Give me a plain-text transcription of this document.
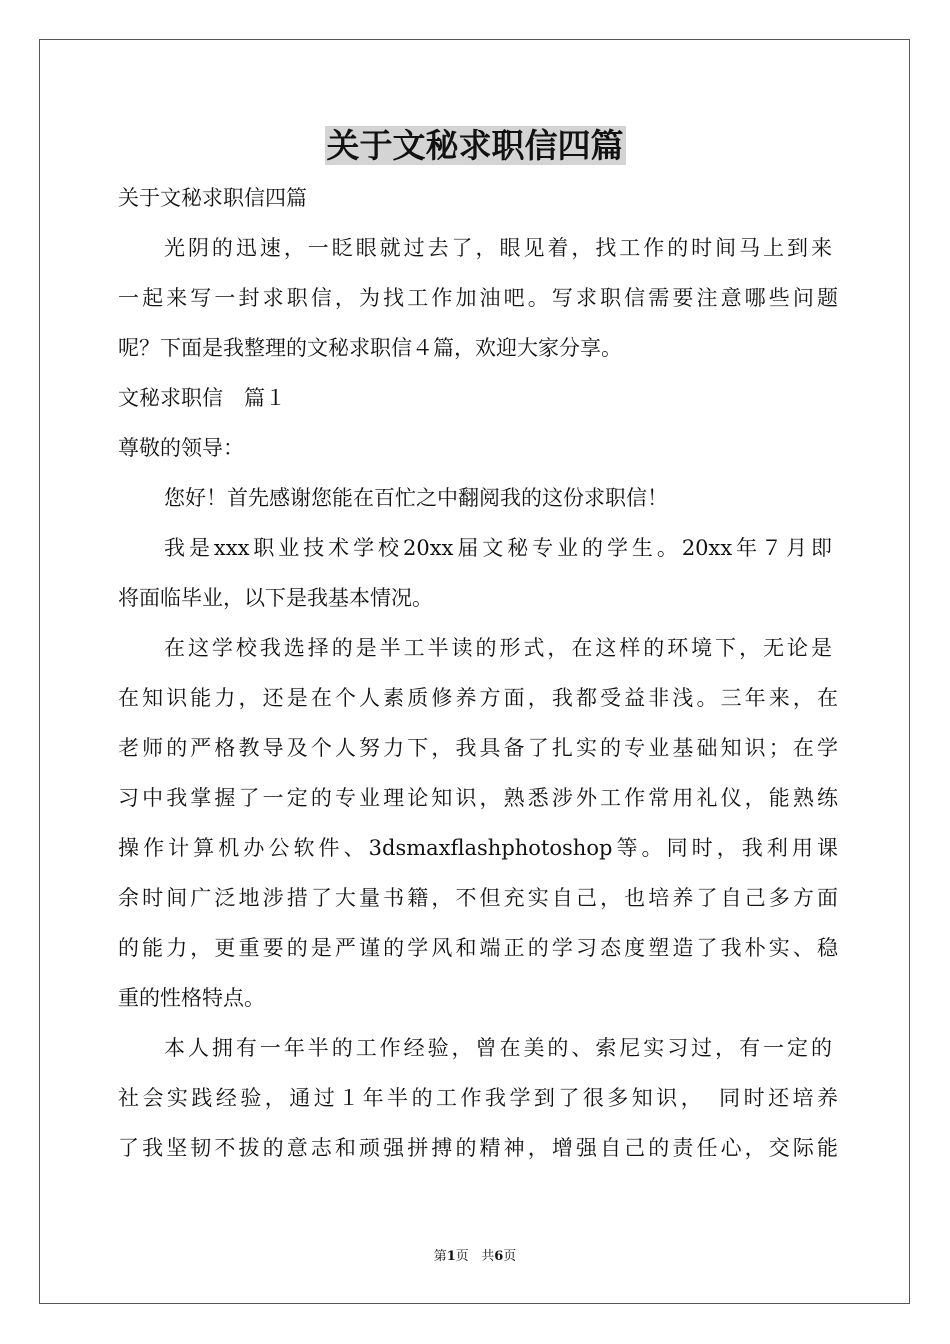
关于文秘求职信四篇
关于文秘求职信四篇
光阴的迅速，一眨眼就过去了，眼见着，找工作的时间马上到来
一起来写一封求职信，为找工作加油吧。写求职信需要注意哪些问题
呢？下面是我整理的文秘求职信４篇，欢迎大家分享。
文秘求职信　篇１
尊敬的领导：
您好！首先感谢您能在百忙之中翻阅我的这份求职信！
我是xxx职业技术学校20xx届文秘专业的学生。20xx年７月即
将面临毕业，以下是我基本情况。
在这学校我选择的是半工半读的形式，在这样的环境下，无论是
在知识能力，还是在个人素质修养方面，我都受益非浅。三年来，在
老师的严格教导及个人努力下，我具备了扎实的专业基础知识；在学
习中我掌握了一定的专业理论知识，熟悉涉外工作常用礼仪，能熟练
操作计算机办公软件、3dsmaxflashphotoshop等。同时，我利用课
余时间广泛地涉措了大量书籍，不但充实自己，也培养了自己多方面
的能力，更重要的是严谨的学风和端正的学习态度塑造了我朴实、稳
重的性格特点。
本人拥有一年半的工作经验，曾在美的、索尼实习过，有一定的
社会实践经验，通过１年半的工作我学到了很多知识，　同时还培养
了我坚韧不拔的意志和顽强拼搏的精神，增强自己的责任心，交际能
第1页 共6页
